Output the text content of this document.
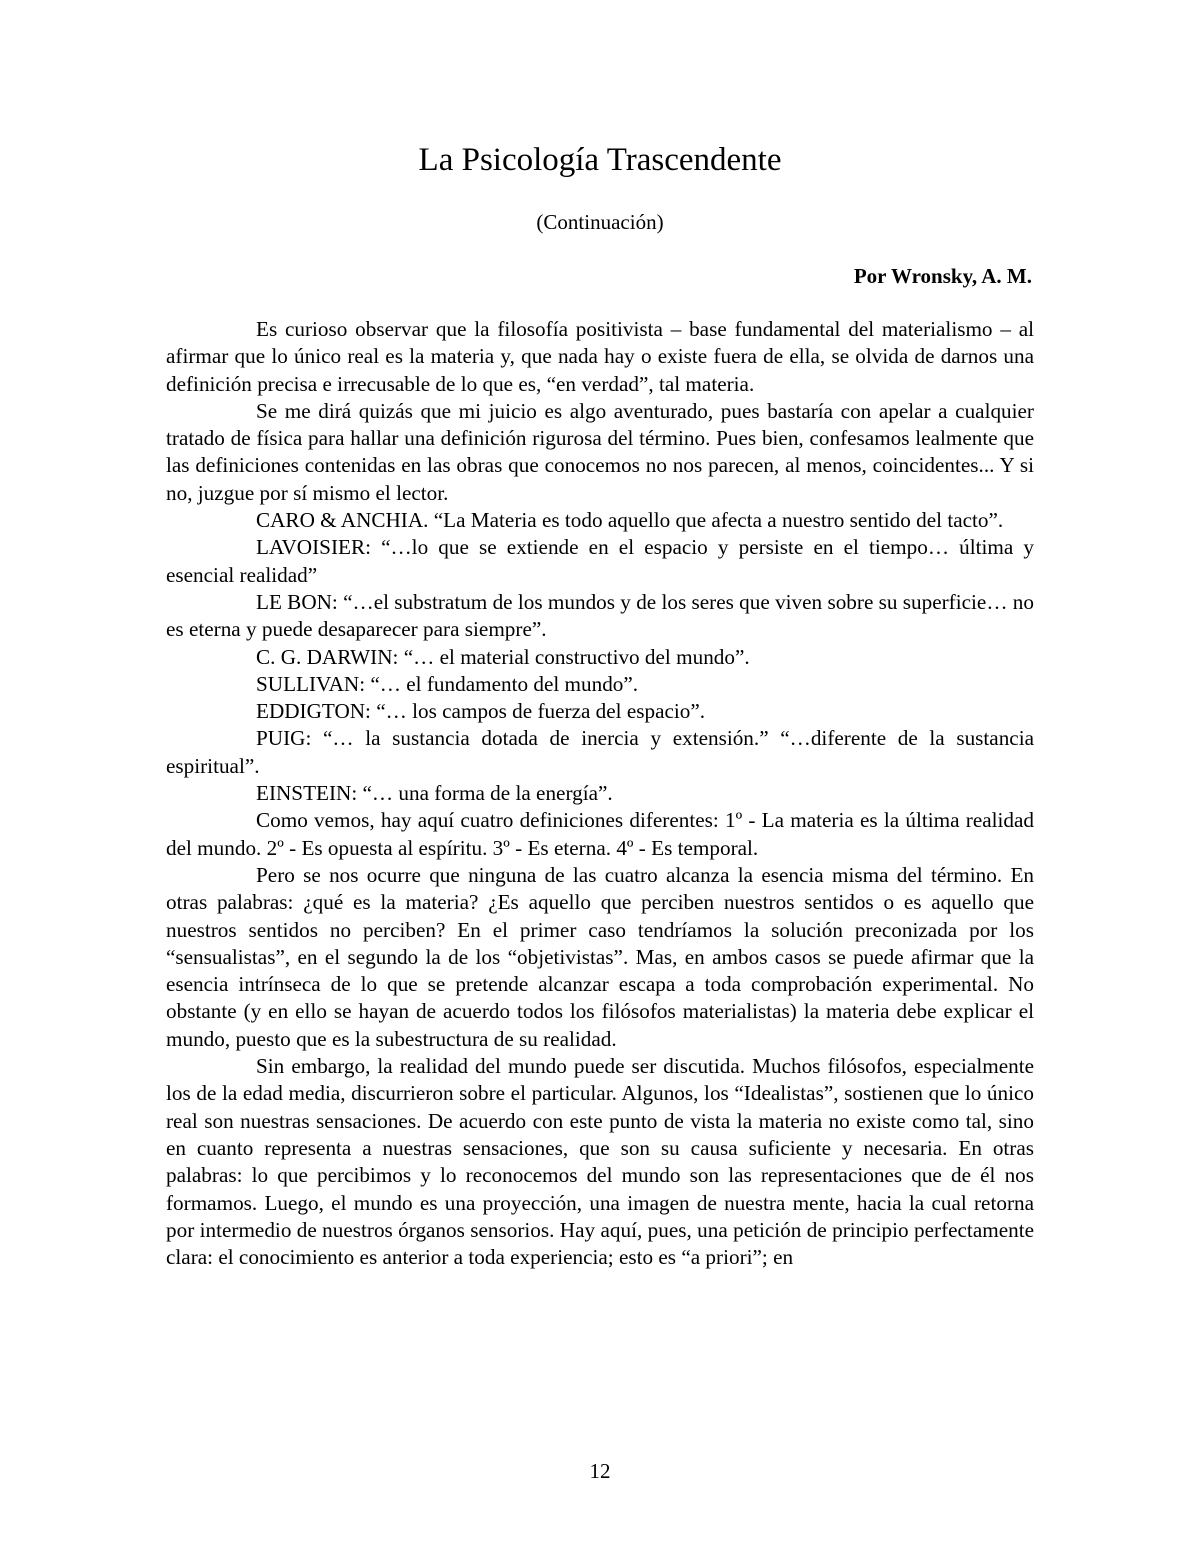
La Psicología Trascendente
(Continuación)
Por Wronsky, A. M.

Es curioso observar que la filosofía positivista – base fundamental del materialismo – al afirmar que lo único real es la materia y, que nada hay o existe fuera de ella, se olvida de darnos una definición precisa e irrecusable de lo que es, “en verdad”, tal materia.

Se me dirá quizás que mi juicio es algo aventurado, pues bastaría con apelar a cualquier tratado de física para hallar una definición rigurosa del término. Pues bien, confesamos lealmente que las definiciones contenidas en las obras que conocemos no nos parecen, al menos, coincidentes... Y si no, juzgue por sí mismo el lector.

CARO & ANCHIA. “La Materia es todo aquello que afecta a nuestro sentido del tacto”.

LAVOISIER: “…lo que se extiende en el espacio y persiste en el tiempo… última y esencial realidad”

LE BON: “…el substratum de los mundos y de los seres que viven sobre su superficie… no es eterna y puede desaparecer para siempre”.

C. G. DARWIN: “… el material constructivo del mundo”.

SULLIVAN: “… el fundamento del mundo”.

EDDIGTON: “… los campos de fuerza del espacio”.

PUIG: “… la sustancia dotada de inercia y extensión.” “…diferente de la sustancia espiritual”.

EINSTEIN: “… una forma de la energía”.

Como vemos, hay aquí cuatro definiciones diferentes: 1º - La materia es la última realidad del mundo. 2º - Es opuesta al espíritu. 3º - Es eterna. 4º - Es temporal.

Pero se nos ocurre que ninguna de las cuatro alcanza la esencia misma del término. En otras palabras: ¿qué es la materia? ¿Es aquello que perciben nuestros sentidos o es aquello que nuestros sentidos no perciben? En el primer caso tendríamos la solución preconizada por los “sensualistas”, en el segundo la de los “objetivistas”. Mas, en ambos casos se puede afirmar que la esencia intrínseca de lo que se pretende alcanzar escapa a toda comprobación experimental. No obstante (y en ello se hayan de acuerdo todos los filósofos materialistas) la materia debe explicar el mundo, puesto que es la subestructura de su realidad.

Sin embargo, la realidad del mundo puede ser discutida. Muchos filósofos, especialmente los de la edad media, discurrieron sobre el particular. Algunos, los “Idealistas”, sostienen que lo único real son nuestras sensaciones. De acuerdo con este punto de vista la materia no existe como tal, sino en cuanto representa a nuestras sensaciones, que son su causa suficiente y necesaria. En otras palabras: lo que percibimos y lo reconocemos del mundo son las representaciones que de él nos formamos. Luego, el mundo es una proyección, una imagen de nuestra mente, hacia la cual retorna por intermedio de nuestros órganos sensorios. Hay aquí, pues, una petición de principio perfectamente clara: el conocimiento es anterior a toda experiencia; esto es “a priori”; en

12
